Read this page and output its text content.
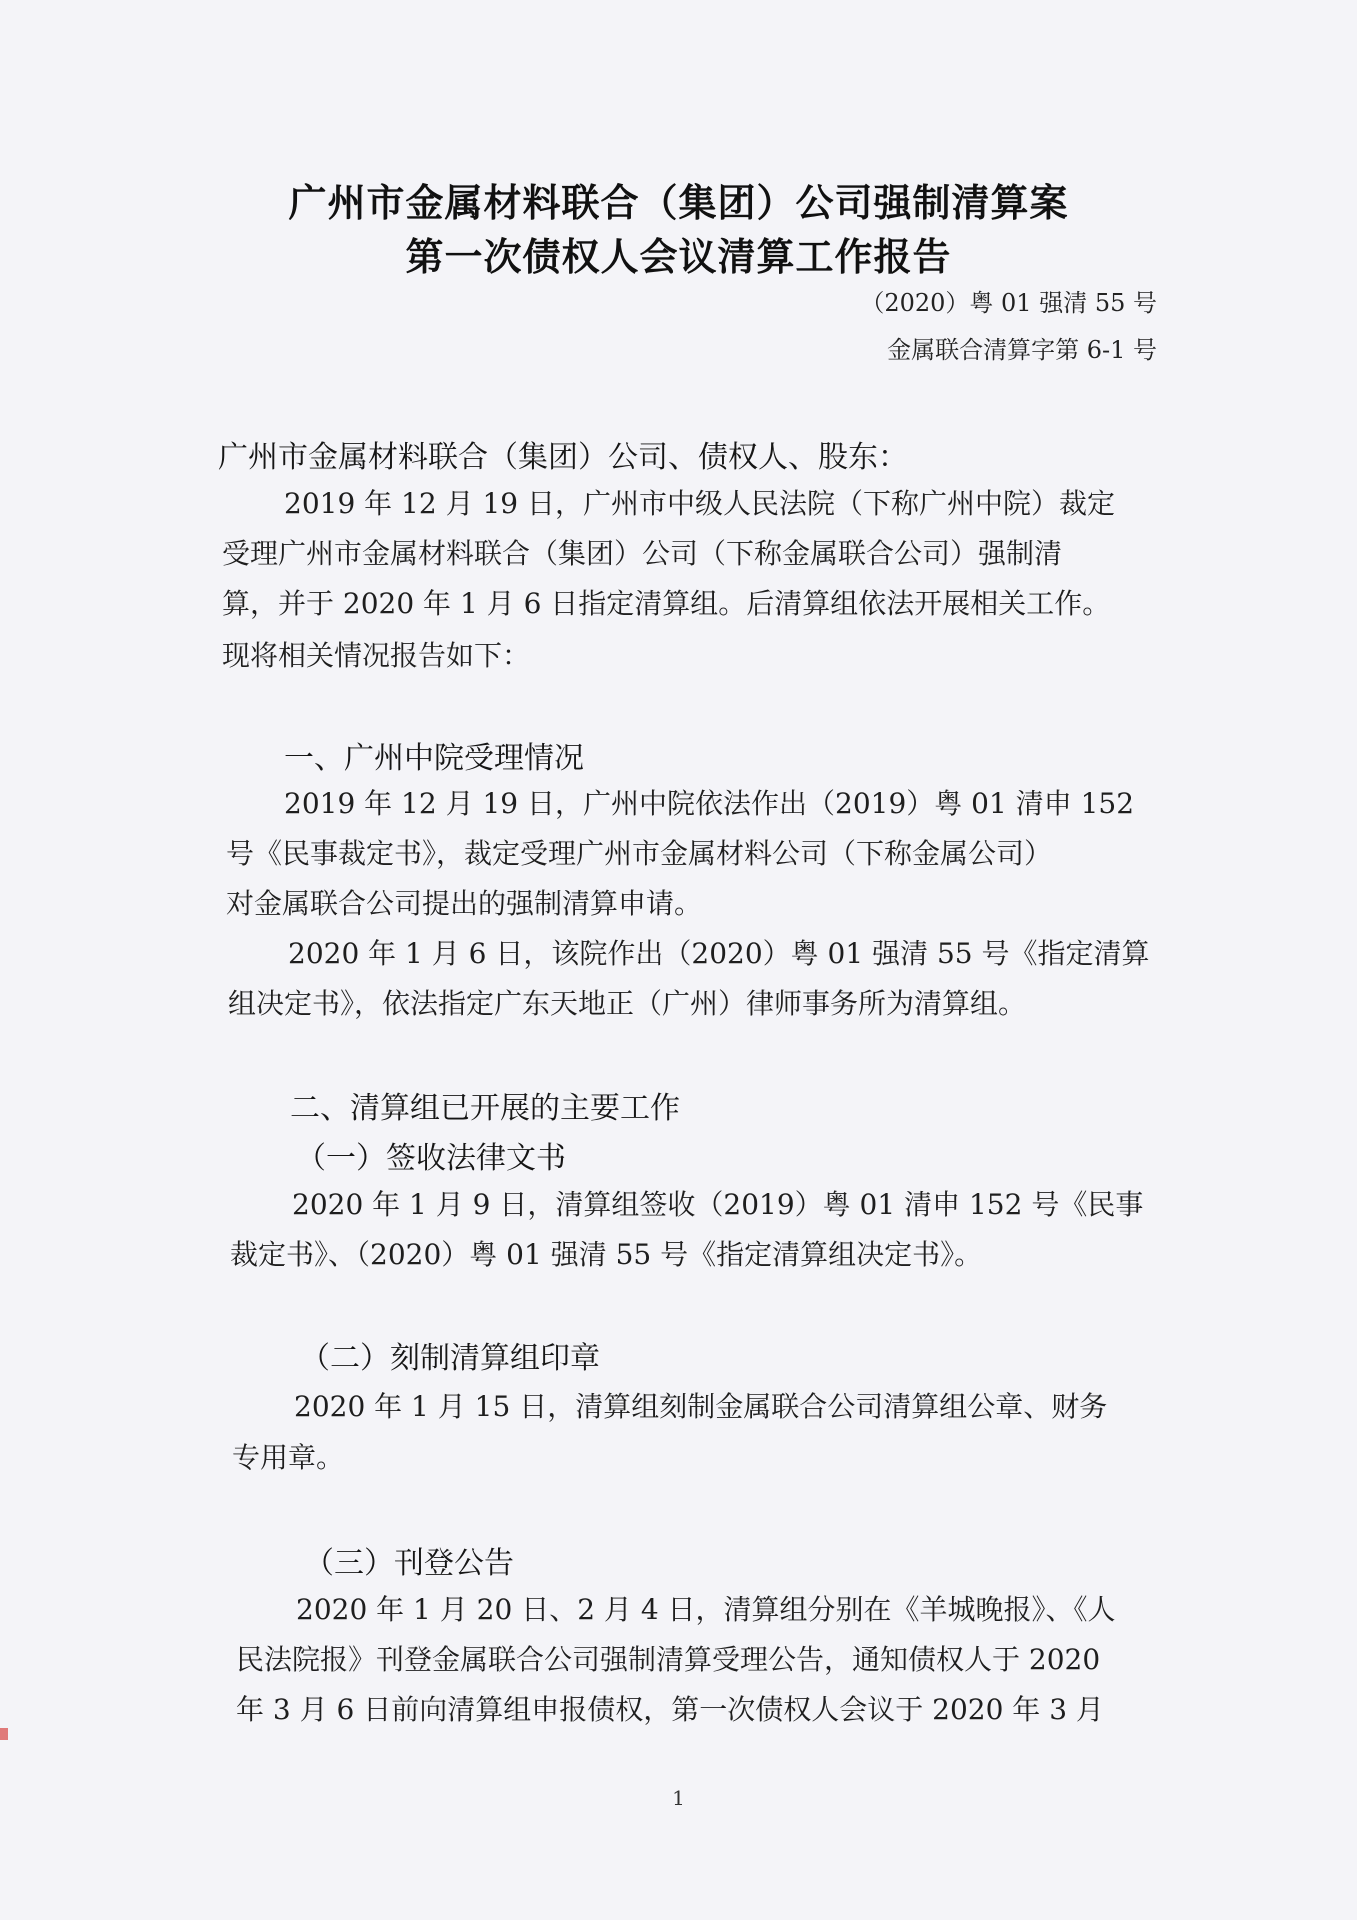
广州市金属材料联合（集团）公司强制清算案
第一次债权人会议清算工作报告
（2020）粤 01 强清 55 号
金属联合清算字第 6-1 号
广州市金属材料联合（集团）公司、债权人、股东：
2019 年 12 月 19 日，广州市中级人民法院（下称广州中院）裁定
受理广州市金属材料联合（集团）公司（下称金属联合公司）强制清
算，并于 2020 年 1 月 6 日指定清算组。后清算组依法开展相关工作。
现将相关情况报告如下：
一、广州中院受理情况
2019 年 12 月 19 日，广州中院依法作出（2019）粤 01 清申 152
号《民事裁定书》，裁定受理广州市金属材料公司（下称金属公司）
对金属联合公司提出的强制清算申请。
2020 年 1 月 6 日，该院作出（2020）粤 01 强清 55 号《指定清算
组决定书》，依法指定广东天地正（广州）律师事务所为清算组。
二、清算组已开展的主要工作
（一）签收法律文书
2020 年 1 月 9 日，清算组签收（2019）粤 01 清申 152 号《民事
裁定书》、（2020）粤 01 强清 55 号《指定清算组决定书》。
（二）刻制清算组印章
2020 年 1 月 15 日，清算组刻制金属联合公司清算组公章、财务
专用章。
（三）刊登公告
2020 年 1 月 20 日、2 月 4 日，清算组分别在《羊城晚报》、《人
民法院报》刊登金属联合公司强制清算受理公告，通知债权人于 2020
年 3 月 6 日前向清算组申报债权，第一次债权人会议于 2020 年 3 月
1
